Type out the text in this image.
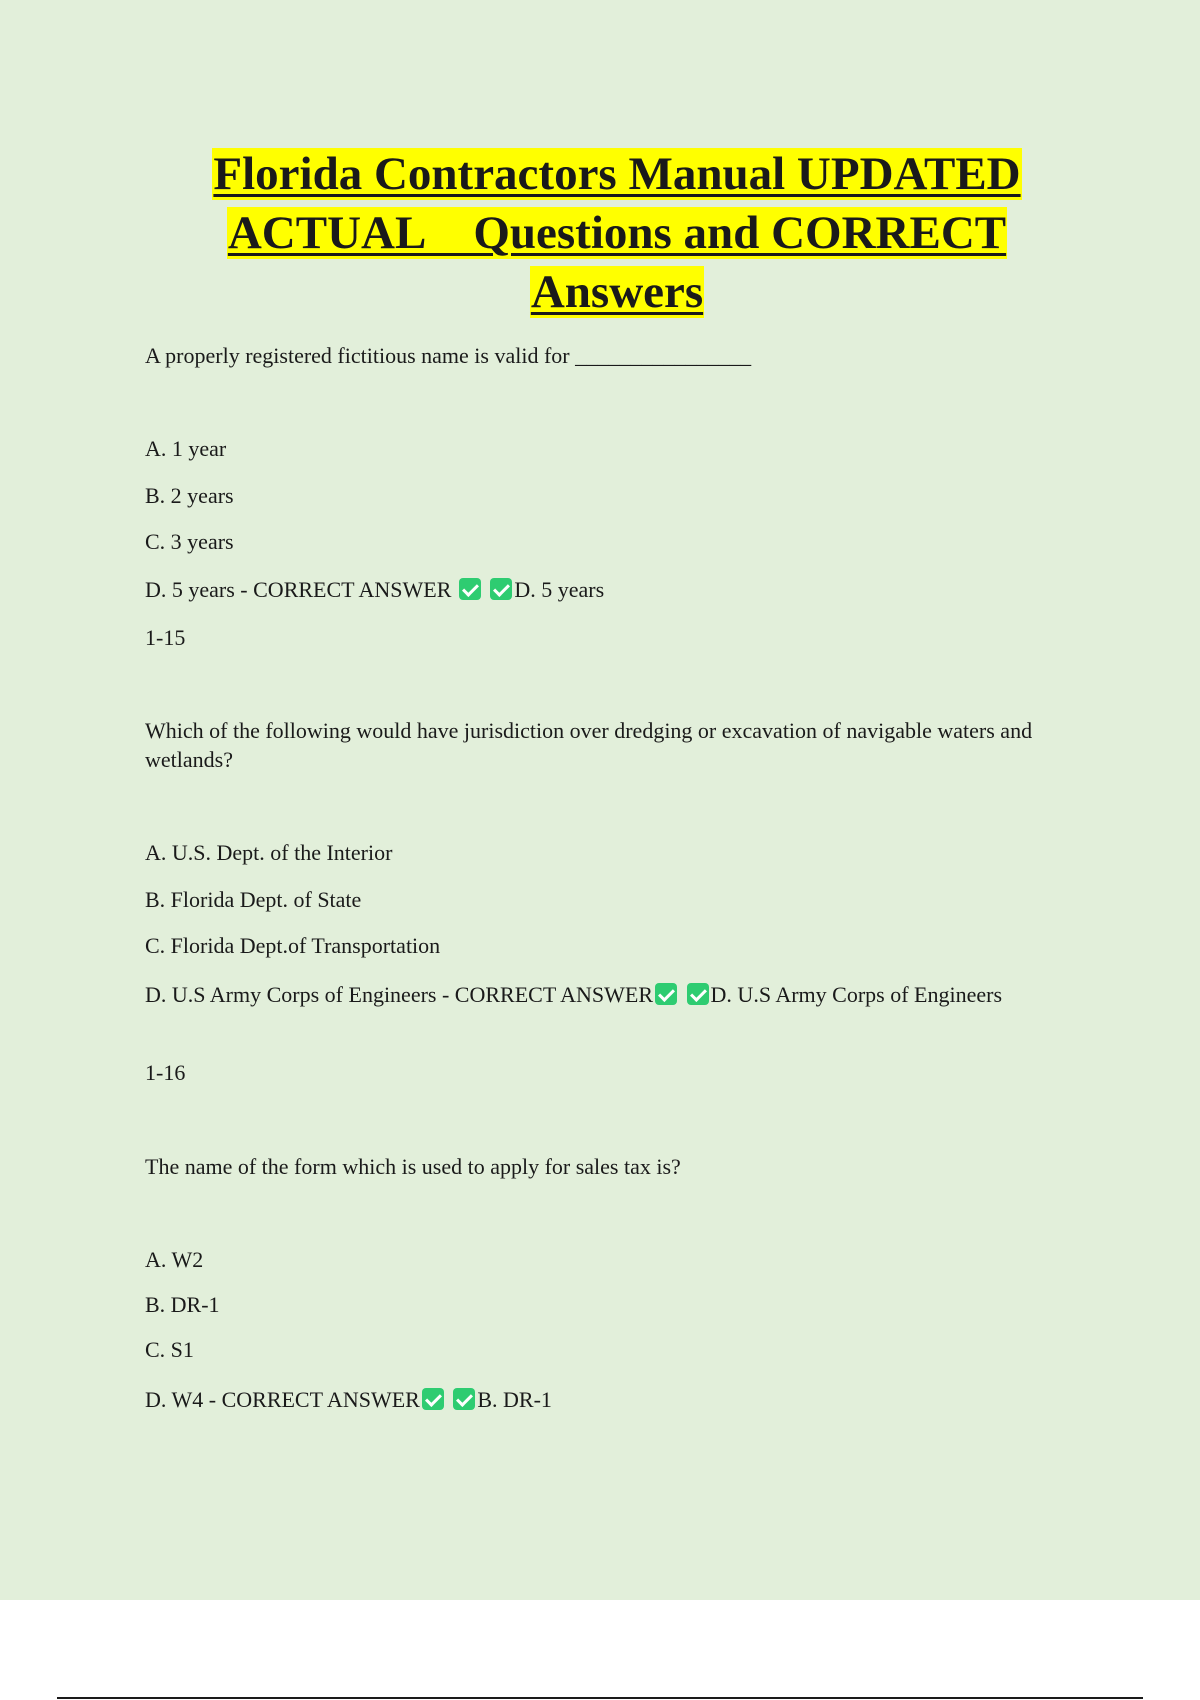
Florida Contractors Manual UPDATED
ACTUAL    Questions and CORRECT
Answers
A properly registered fictitious name is valid for ________________
A. 1 year
B. 2 years
C. 3 years
D. 5 years - CORRECT ANSWER	D. 5 years
1-15
Which of the following would have jurisdiction over dredging or excavation of navigable waters and wetlands?
A. U.S. Dept. of the Interior
B. Florida Dept. of State
C. Florida Dept.of Transportation
D. U.S Army Corps of Engineers - CORRECT ANSWER	D. U.S Army Corps of Engineers
1-16
The name of the form which is used to apply for sales tax is?
A. W2
B. DR-1
C. S1
D. W4 - CORRECT ANSWER	B. DR-1
